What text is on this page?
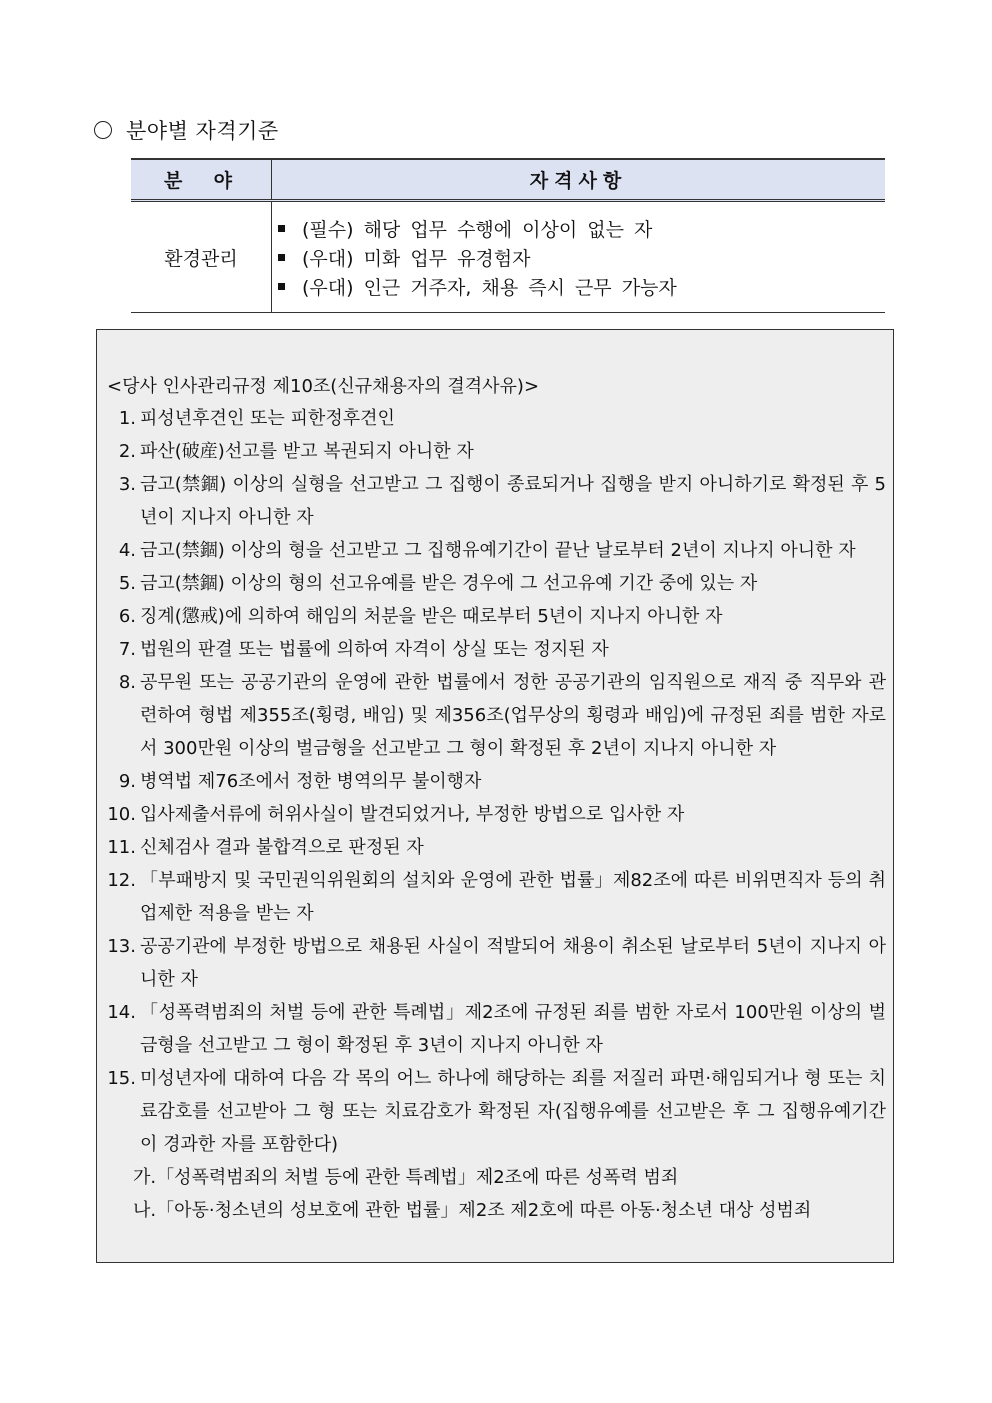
분야별 자격기준
분  야	자격사항
환경관리	(필수) 해당 업무 수행에 이상이 없는 자
(우대) 미화 업무 유경험자
(우대) 인근 거주자, 채용 즉시 근무 가능자
<당사 인사관리규정 제10조(신규채용자의 결격사유)>
1. 피성년후견인 또는 피한정후견인
2. 파산(破産)선고를 받고 복권되지 아니한 자
3. 금고(禁錮) 이상의 실형을 선고받고 그 집행이 종료되거나 집행을 받지 아니하기로 확정된 후 5년이 지나지 아니한 자
4. 금고(禁錮) 이상의 형을 선고받고 그 집행유예기간이 끝난 날로부터 2년이 지나지 아니한 자
5. 금고(禁錮) 이상의 형의 선고유예를 받은 경우에 그 선고유예 기간 중에 있는 자
6. 징계(懲戒)에 의하여 해임의 처분을 받은 때로부터 5년이 지나지 아니한 자
7. 법원의 판결 또는 법률에 의하여 자격이 상실 또는 정지된 자
8. 공무원 또는 공공기관의 운영에 관한 법률에서 정한 공공기관의 임직원으로 재직 중 직무와 관련하여 형법 제355조(횡령, 배임) 및 제356조(업무상의 횡령과 배임)에 규정된 죄를 범한 자로서 300만원 이상의 벌금형을 선고받고 그 형이 확정된 후 2년이 지나지 아니한 자
9. 병역법 제76조에서 정한 병역의무 불이행자
10. 입사제출서류에 허위사실이 발견되었거나, 부정한 방법으로 입사한 자
11. 신체검사 결과 불합격으로 판정된 자
12. 「부패방지 및 국민권익위원회의 설치와 운영에 관한 법률」제82조에 따른 비위면직자 등의 취업제한 적용을 받는 자
13. 공공기관에 부정한 방법으로 채용된 사실이 적발되어 채용이 취소된 날로부터 5년이 지나지 아니한 자
14. 「성폭력범죄의 처벌 등에 관한 특례법」제2조에 규정된 죄를 범한 자로서 100만원 이상의 벌금형을 선고받고 그 형이 확정된 후 3년이 지나지 아니한 자
15. 미성년자에 대하여 다음 각 목의 어느 하나에 해당하는 죄를 저질러 파면·해임되거나 형 또는 치료감호를 선고받아 그 형 또는 치료감호가 확정된 자(집행유예를 선고받은 후 그 집행유예기간이 경과한 자를 포함한다)
가.「성폭력범죄의 처벌 등에 관한 특례법」제2조에 따른 성폭력 범죄
나.「아동·청소년의 성보호에 관한 법률」제2조 제2호에 따른 아동·청소년 대상 성범죄
